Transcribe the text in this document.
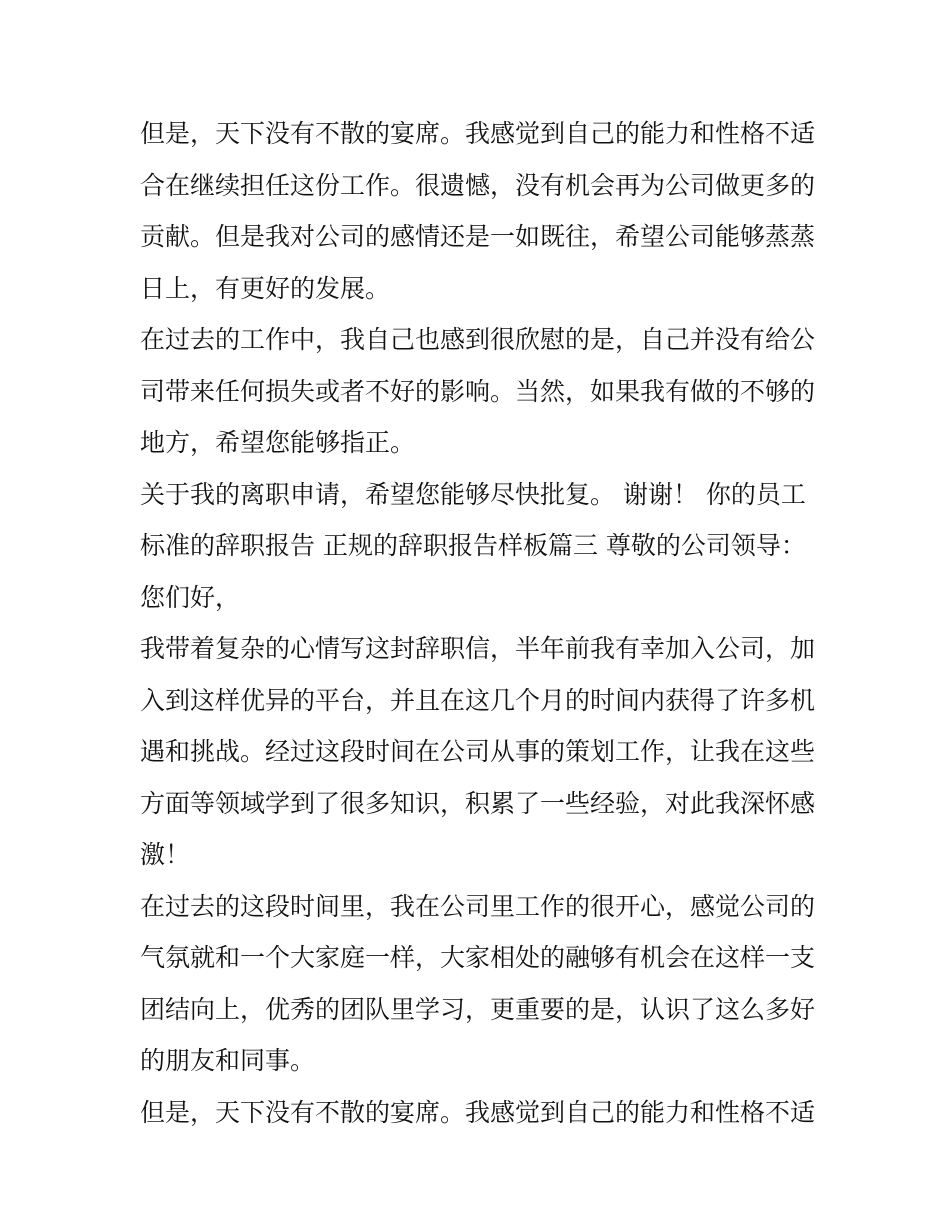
但是，天下没有不散的宴席。我感觉到自己的能力和性格不适
合在继续担任这份工作。很遗憾，没有机会再为公司做更多的
贡献。但是我对公司的感情还是一如既往，希望公司能够蒸蒸
日上，有更好的发展。
在过去的工作中，我自己也感到很欣慰的是，自己并没有给公
司带来任何损失或者不好的影响。当然，如果我有做的不够的
地方，希望您能够指正。
关于我的离职申请，希望您能够尽快批复。 谢谢！ 你的员工
标准的辞职报告 正规的辞职报告样板篇三 尊敬的公司领导：
您们好，
我带着复杂的心情写这封辞职信，半年前我有幸加入公司，加
入到这样优异的平台，并且在这几个月的时间内获得了许多机
遇和挑战。经过这段时间在公司从事的策划工作，让我在这些
方面等领域学到了很多知识，积累了一些经验，对此我深怀感
激！
在过去的这段时间里，我在公司里工作的很开心，感觉公司的
气氛就和一个大家庭一样，大家相处的融够有机会在这样一支
团结向上，优秀的团队里学习，更重要的是，认识了这么多好
的朋友和同事。
但是，天下没有不散的宴席。我感觉到自己的能力和性格不适
